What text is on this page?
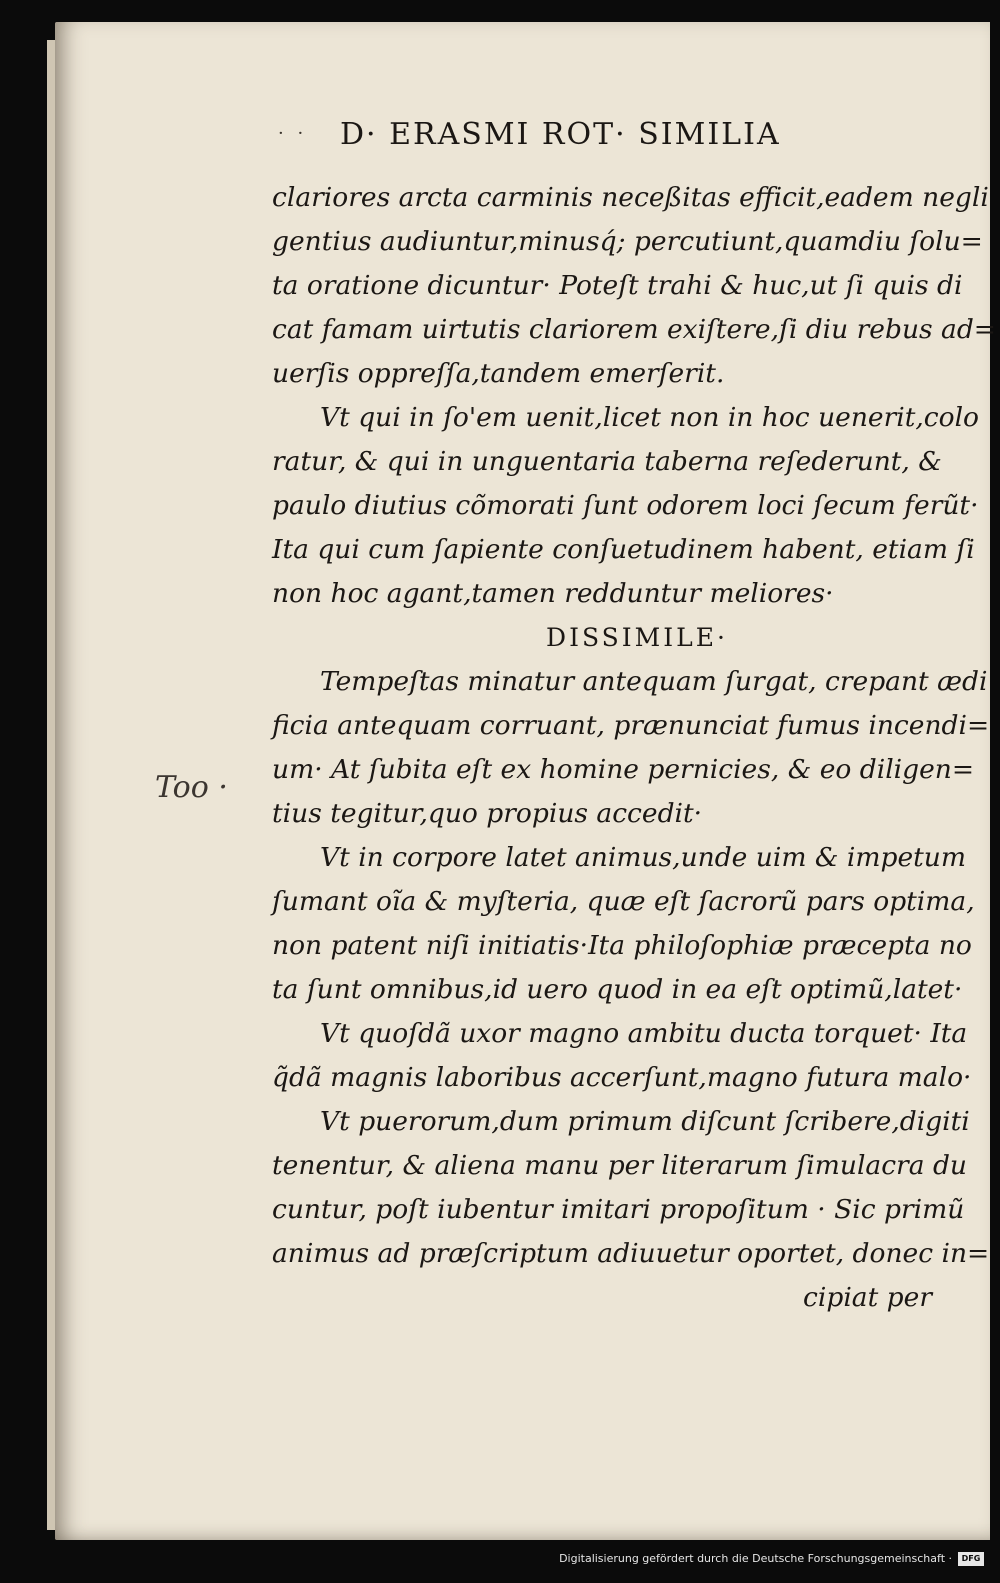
· · D· ERASMI ROT· SIMILIA
Too ·
clariores arcta carminis neceßitas efficit,eadem negli
gentius audiuntur,minusq́; percutiunt,quamdiu ſolu=
ta oratione dicuntur· Poteſt trahi & huc,ut ſi quis di
cat famam uirtutis clariorem exiſtere,ſi diu rebus ad=
uerſis oppreſſa,tandem emerſerit.
Vt qui in ſo'em uenit,licet non in hoc uenerit,colo
ratur, & qui in unguentaria taberna reſederunt, &
paulo diutius cõmorati ſunt odorem loci ſecum ferũt·
Ita qui cum ſapiente conſuetudinem habent, etiam ſi
non hoc agant,tamen redduntur meliores·
DISSIMILE·
Tempeſtas minatur antequam ſurgat, crepant ædi
ficia antequam corruant, prænunciat fumus incendi=
um· At ſubita eſt ex homine pernicies, & eo diligen=
tius tegitur,quo propius accedit·
Vt in corpore latet animus,unde uim & impetum
ſumant oĩa & myſteria, quæ eſt ſacrorũ pars optima,
non patent niſi initiatis·Ita philoſophiæ præcepta no
ta ſunt omnibus,id uero quod in ea eſt optimũ,latet·
Vt quoſdã uxor magno ambitu ducta torquet· Ita
q̃dã magnis laboribus accerſunt,magno futura malo·
Vt puerorum,dum primum diſcunt ſcribere,digiti
tenentur, & aliena manu per literarum ſimulacra du
cuntur, poſt iubentur imitari propoſitum · Sic primũ
animus ad præſcriptum adiuuetur oportet, donec in=
cipiat per
Digitalisierung gefördert durch die Deutsche Forschungsgemeinschaft ·	DFG
